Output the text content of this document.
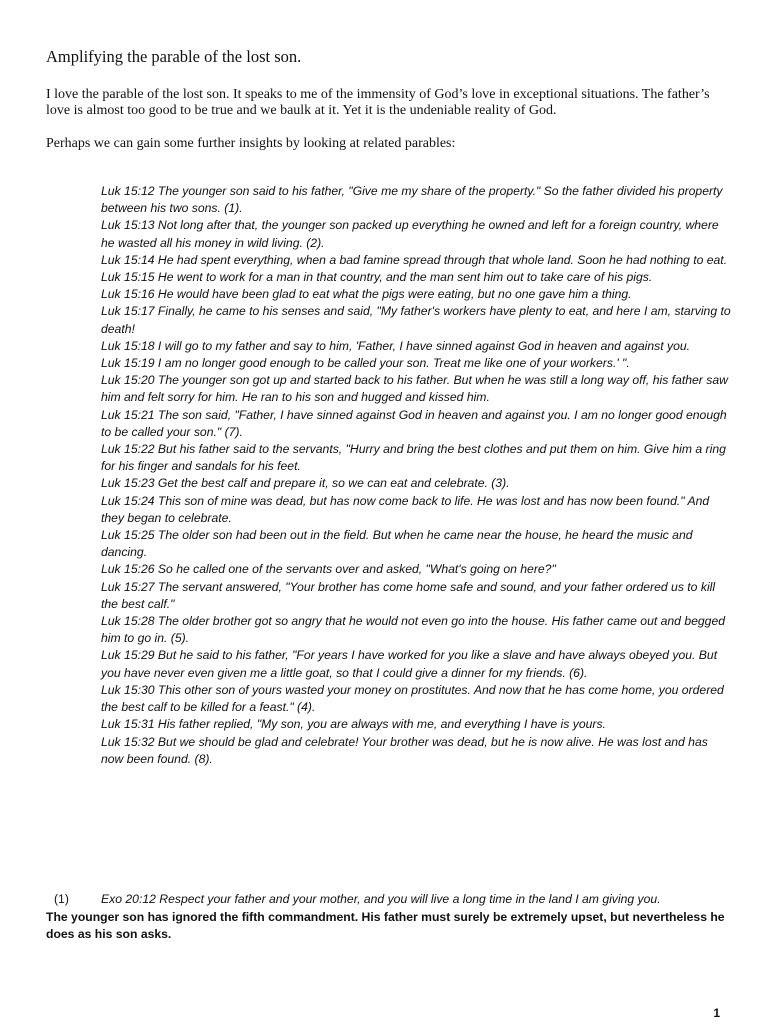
Amplifying the parable of the lost son.

I love the parable of the lost son. It speaks to me of the immensity of God’s love in exceptional situations. The father’s love is almost too good to be true and we baulk at it. Yet it is the undeniable reality of God.

Perhaps we can gain some further insights by looking at related parables:

Luk 15:12 The younger son said to his father, "Give me my share of the property." So the father divided his property between his two sons. (1).
Luk 15:13 Not long after that, the younger son packed up everything he owned and left for a foreign country, where he wasted all his money in wild living. (2).
Luk 15:14 He had spent everything, when a bad famine spread through that whole land. Soon he had nothing to eat.
Luk 15:15 He went to work for a man in that country, and the man sent him out to take care of his pigs.
Luk 15:16 He would have been glad to eat what the pigs were eating, but no one gave him a thing.
Luk 15:17 Finally, he came to his senses and said, "My father's workers have plenty to eat, and here I am, starving to death!
Luk 15:18 I will go to my father and say to him, 'Father, I have sinned against God in heaven and against you.
Luk 15:19 I am no longer good enough to be called your son. Treat me like one of your workers.' ".
Luk 15:20 The younger son got up and started back to his father. But when he was still a long way off, his father saw him and felt sorry for him. He ran to his son and hugged and kissed him.
Luk 15:21 The son said, "Father, I have sinned against God in heaven and against you. I am no longer good enough to be called your son." (7).
Luk 15:22 But his father said to the servants, "Hurry and bring the best clothes and put them on him. Give him a ring for his finger and sandals for his feet.
Luk 15:23 Get the best calf and prepare it, so we can eat and celebrate. (3).
Luk 15:24 This son of mine was dead, but has now come back to life. He was lost and has now been found." And they began to celebrate.
Luk 15:25 The older son had been out in the field. But when he came near the house, he heard the music and dancing.
Luk 15:26 So he called one of the servants over and asked, "What's going on here?"
Luk 15:27 The servant answered, "Your brother has come home safe and sound, and your father ordered us to kill the best calf."
Luk 15:28 The older brother got so angry that he would not even go into the house. His father came out and begged him to go in. (5).
Luk 15:29 But he said to his father, "For years I have worked for you like a slave and have always obeyed you. But you have never even given me a little goat, so that I could give a dinner for my friends. (6).
Luk 15:30 This other son of yours wasted your money on prostitutes. And now that he has come home, you ordered the best calf to be killed for a feast." (4).
Luk 15:31 His father replied, "My son, you are always with me, and everything I have is yours.
Luk 15:32 But we should be glad and celebrate! Your brother was dead, but he is now alive. He was lost and has now been found. (8).
(1)	Exo 20:12 Respect your father and your mother, and you will live a long time in the land I am giving you.
The younger son has ignored the fifth commandment. His father must surely be extremely upset, but nevertheless he does as his son asks.
1
